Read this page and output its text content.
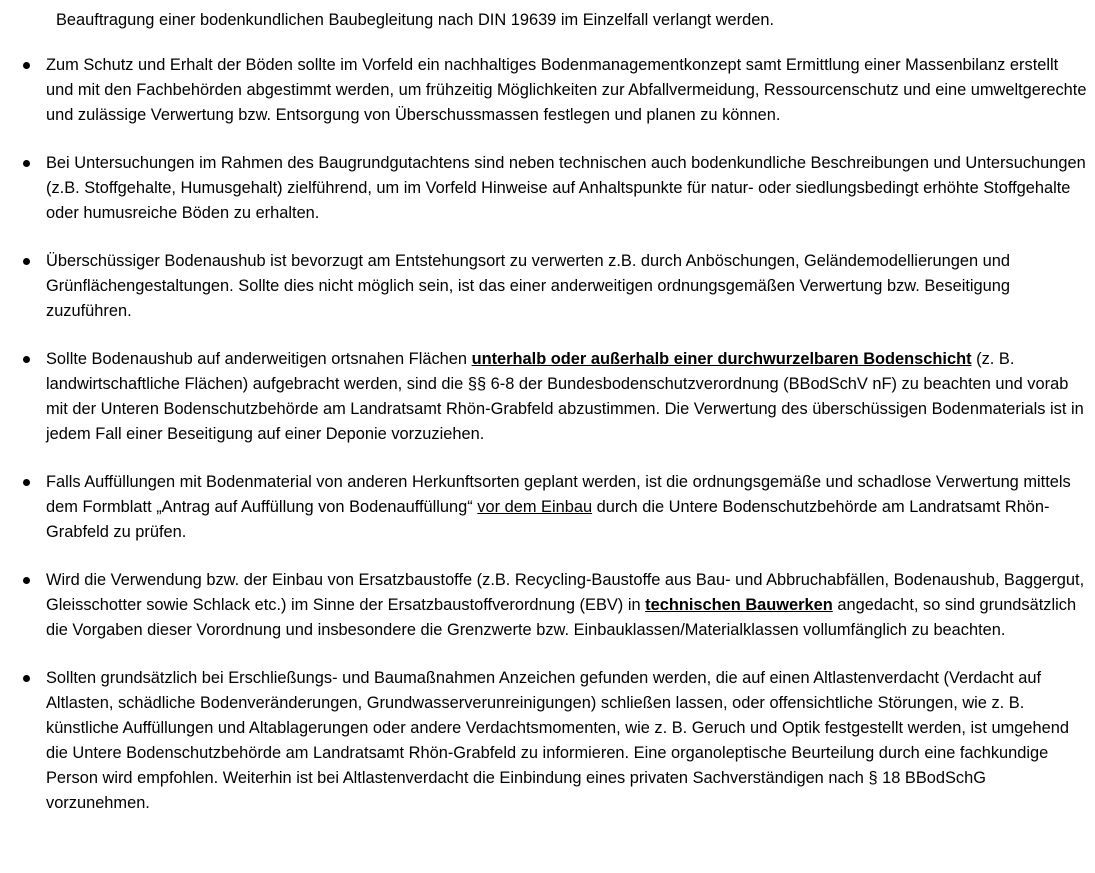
Beauftragung einer bodenkundlichen Baubegleitung nach DIN 19639 im Einzelfall verlangt werden.

Zum Schutz und Erhalt der Böden sollte im Vorfeld ein nachhaltiges Bodenmanagementkonzept samt Ermittlung einer Massenbilanz erstellt und mit den Fachbehörden abgestimmt werden, um frühzeitig Möglichkeiten zur Abfallvermeidung, Ressourcenschutz und eine umweltgerechte und zulässige Verwertung bzw. Entsorgung von Überschussmassen festlegen und planen zu können.

Bei Untersuchungen im Rahmen des Baugrundgutachtens sind neben technischen auch bodenkundliche Beschreibungen und Untersuchungen (z.B. Stoffgehalte, Humusgehalt) zielführend, um im Vorfeld Hinweise auf Anhaltspunkte für natur- oder siedlungsbedingt erhöhte Stoffgehalte oder humusreiche Böden zu erhalten.

Überschüssiger Bodenaushub ist bevorzugt am Entstehungsort zu verwerten z.B. durch Anböschungen, Geländemodellierungen und Grünflächengestaltungen. Sollte dies nicht möglich sein, ist das einer anderweitigen ordnungsgemäßen Verwertung bzw. Beseitigung zuzuführen.

Sollte Bodenaushub auf anderweitigen ortsnahen Flächen unterhalb oder außerhalb einer durchwurzelbaren Bodenschicht (z. B. landwirtschaftliche Flächen) aufgebracht werden, sind die §§ 6-8 der Bundesbodenschutzverordnung (BBodSchV nF) zu beachten und vorab mit der Unteren Bodenschutzbehörde am Landratsamt Rhön-Grabfeld abzustimmen. Die Verwertung des überschüssigen Bodenmaterials ist in jedem Fall einer Beseitigung auf einer Deponie vorzuziehen.

Falls Auffüllungen mit Bodenmaterial von anderen Herkunftsorten geplant werden, ist die ordnungsgemäße und schadlose Verwertung mittels dem Formblatt „Antrag auf Auffüllung von Bodenauffüllung“ vor dem Einbau durch die Untere Bodenschutzbehörde am Landratsamt Rhön-Grabfeld zu prüfen.

Wird die Verwendung bzw. der Einbau von Ersatzbaustoffe (z.B. Recycling-Baustoffe aus Bau- und Abbruchabfällen, Bodenaushub, Baggergut, Gleisschotter sowie Schlack etc.) im Sinne der Ersatzbaustoffverordnung (EBV) in technischen Bauwerken angedacht, so sind grundsätzlich die Vorgaben dieser Vorordnung und insbesondere die Grenzwerte bzw. Einbauklassen/Materialklassen vollumfänglich zu beachten.

Sollten grundsätzlich bei Erschließungs- und Baumaßnahmen Anzeichen gefunden werden, die auf einen Altlastenverdacht (Verdacht auf Altlasten, schädliche Bodenveränderungen, Grundwasserverunreinigungen) schließen lassen, oder offensichtliche Störungen, wie z. B. künstliche Auffüllungen und Altablagerungen oder andere Verdachtsmomenten, wie z. B. Geruch und Optik festgestellt werden, ist umgehend die Untere Bodenschutzbehörde am Landratsamt Rhön-Grabfeld zu informieren. Eine organoleptische Beurteilung durch eine fachkundige Person wird empfohlen. Weiterhin ist bei Altlastenverdacht die Einbindung eines privaten Sachverständigen nach § 18 BBodSchG vorzunehmen.
